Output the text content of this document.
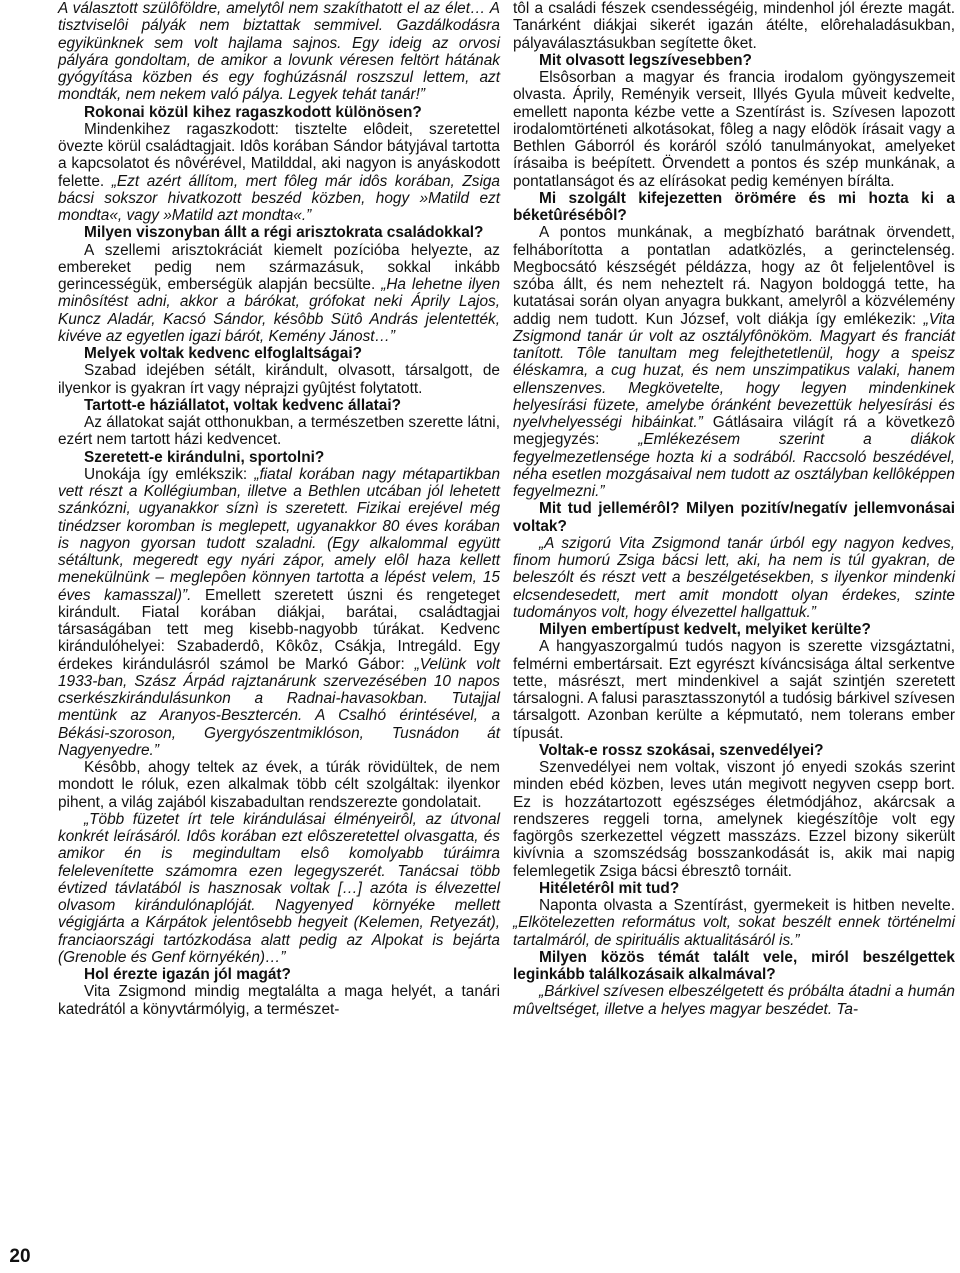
A választott szülôföldre, amelytôl nem szakíthatott el az élet… A tisztviselôi pályák nem biztattak semmivel. Gazdálkodásra egyikünknek sem volt hajlama sajnos. Egy ideig az orvosi pályára gondoltam, de amikor a lovunk véresen feltört hátának gyógyítása közben és egy foghúzásnál roszszul lettem, azt mondták, nem nekem való pálya. Legyek tehát tanár!”

Rokonai közül kihez ragaszkodott különösen?

Mindenkihez ragaszkodott: tisztelte elôdeit, szeretettel övezte körül családtagjait. Idôs korában Sándor bátyjával tartotta a kapcsolatot és nôvérével, Matilddal, aki nagyon is anyáskodott felette. „Ezt azért állítom, mert fôleg már idôs korában, Zsiga bácsi sokszor hivatkozott beszéd közben, hogy »Matild ezt mondta«, vagy »Matild azt mondta«.”

Milyen viszonyban állt a régi arisztokrata családokkal?

A szellemi arisztokráciát kiemelt pozícióba helyezte, az embereket pedig nem származásuk, sokkal inkább gerincességük, emberségük alapján becsülte. „Ha lehetne ilyen minôsítést adni, akkor a bárókat, grófokat neki Áprily Lajos, Kuncz Aladár, Kacsó Sándor, késôbb Sütô András jelentették, kivéve az egyetlen igazi bárót, Kemény Jánost…”

Melyek voltak kedvenc elfoglaltságai?

Szabad idejében sétált, kirándult, olvasott, társalgott, de ilyenkor is gyakran írt vagy néprajzi gyûjtést folytatott.

Tartott-e háziállatot, voltak kedvenc állatai?

Az állatokat saját otthonukban, a természetben szerette látni, ezért nem tartott házi kedvencet.

Szeretett-e kirándulni, sportolni?

Unokája így emlékszik: „fiatal korában nagy métapartikban vett részt a Kollégiumban, illetve a Bethlen utcában jól lehetett szánkózni, ugyanakkor síznì is szeretett. Fizikai erejével még tinédzser koromban is meglepett, ugyanakkor 80 éves korában is nagyon gyorsan tudott szaladni. (Egy alkalommal együtt sétáltunk, megeredt egy nyári zápor, amely elôl haza kellett menekülnünk – meglepôen könnyen tartotta a lépést velem, 15 éves kamasszal)”. Emellett szeretett úszni és rengeteget kirándult. Fiatal korában diákjai, barátai, családtagjai társaságában tett meg kisebb-nagyobb túrákat. Kedvenc kirándulóhelyei: Szabaderdô, Kôkôz, Csákja, Intregáld. Egy érdekes kirándulásról számol be Markó Gábor: „Velünk volt 1933-ban, Szász Árpád rajztanárunk szervezésében 10 napos cserkészkirándulásunkon a Radnai-havasokban. Tutajjal mentünk az Aranyos-Besztercén. A Csalhó érintésével, a Békási-szoroson, Gyergyószentmiklóson, Tusnádon át Nagyenyedre.”

Késôbb, ahogy teltek az évek, a túrák rövidültek, de nem mondott le róluk, ezen alkalmak több célt szolgáltak: ilyenkor pihent, a világ zajából kiszabadultan rendszerezte gondolatait.

„Több füzetet írt tele kirándulásai élményeirôl, az útvonal konkrét leírásáról. Idôs korában ezt elôszeretettel olvasgatta, és amikor én is megindultam elsô komolyabb túráimra felelevenítette számomra ezen legegyszerét. Tanácsai több évtized távlatából is hasznosak voltak […] azóta is élvezettel olvasom kirándulónaplóját. Nagyenyed környéke mellett végigjárta a Kárpátok jelentôsebb hegyeit (Kelemen, Retyezát), franciaországi tartózkodása alatt pedig az Alpokat is bejárta (Grenoble és Genf környékén)…”

Hol érezte igazán jól magát?

Vita Zsigmond mindig megtalálta a maga helyét, a tanári katedrától a könyvtármólyig, a természet-

tôl a családi fészek csendességéig, mindenhol jól érezte magát. Tanárként diákjai sikerét igazán átélte, elôrehaladásukban, pályaválasztásukban segítette ôket.

Mit olvasott legszívesebben?

Elsôsorban a magyar és francia irodalom gyöngyszemeit olvasta. Áprily, Reményik verseit, Illyés Gyula mûveit kedvelte, emellett naponta kézbe vette a Szentírást is. Szívesen lapozott irodalomtörténeti alkotásokat, fôleg a nagy elôdök írásait vagy a Bethlen Gáborról és koráról szóló tanulmányokat, amelyeket írásaiba is beépített. Örvendett a pontos és szép munkának, a pontatlanságot és az elírásokat pedig keményen bírálta.

Mi szolgált kifejezetten örömére és mi hozta ki a béketûrésébôl?

A pontos munkának, a megbízható barátnak örvendett, felháborította a pontatlan adatközlés, a gerinctelenség. Megbocsátó készségét példázza, hogy az ôt feljelentôvel is szóba állt, és nem neheztelt rá. Nagyon boldoggá tette, ha kutatásai során olyan anyagra bukkant, amelyrôl a közvélemény addig nem tudott. Kun József, volt diákja így emlékezik: „Vita Zsigmond tanár úr volt az osztályfônököm. Magyart és franciát tanított. Tôle tanultam meg felejthetetlenül, hogy a speisz éléskamra, a cug huzat, és nem unszimpatikus valaki, hanem ellenszenves. Megkövetelte, hogy legyen mindenkinek helyesírási füzete, amelybe óránként bevezettük helyesírási és nyelvhelyességi hibáinkat.” Gátlásaira világít rá a következô megjegyzés: „Emlékezésem szerint a diákok fegyelmezetlensége hozta ki a sodrából. Raccsoló beszédével, néha esetlen mozgásaival nem tudott az osztályban kellôképpen fegyelmezni.”

Mit tud jellemérôl? Milyen pozitív/negatív jellemvonásai voltak?

„A szigorú Vita Zsigmond tanár úrból egy nagyon kedves, finom humorú Zsiga bácsi lett, aki, ha nem is túl gyakran, de beleszólt és részt vett a beszélgetésekben, s ilyenkor mindenki elcsendesedett, mert amit mondott olyan érdekes, szinte tudományos volt, hogy élvezettel hallgattuk.”

Milyen embertípust kedvelt, melyiket kerülte?

A hangyaszorgalmú tudós nagyon is szerette vizsgáztatni, felmérni embertársait. Ezt egyrészt kíváncsisága által serkentve tette, másrészt, mert mindenkivel a saját szintjén szeretett társalogni. A falusi parasztasszonytól a tudósig bárkivel szívesen társalgott. Azonban kerülte a képmutató, nem tolerans ember típusát.

Voltak-e rossz szokásai, szenvedélyei?

Szenvedélyei nem voltak, viszont jó enyedi szokás szerint minden ebéd közben, leves után megivott negyven csepp bort. Ez is hozzátartozott egészséges életmódjához, akárcsak a rendszeres reggeli torna, amelynek kiegészítôje volt egy fagörgôs szerkezettel végzett masszázs. Ezzel bizony sikerült kivívnia a szomszédság bosszankodását is, akik mai napig felemlegetik Zsiga bácsi ébresztô tornáit.

Hitéletérôl mit tud?

Naponta olvasta a Szentírást, gyermekeit is hitben nevelte. „Elkötelezetten református volt, sokat beszélt ennek történelmi tartalmáról, de spirituális aktualitásáról is.”

Milyen közös témát talált vele, miról beszélgettek leginkább találkozásaik alkalmával?

„Bárkivel szívesen elbeszélgetett és próbálta átadni a humán mûveltséget, illetve a helyes magyar beszédet. Ta-

20
